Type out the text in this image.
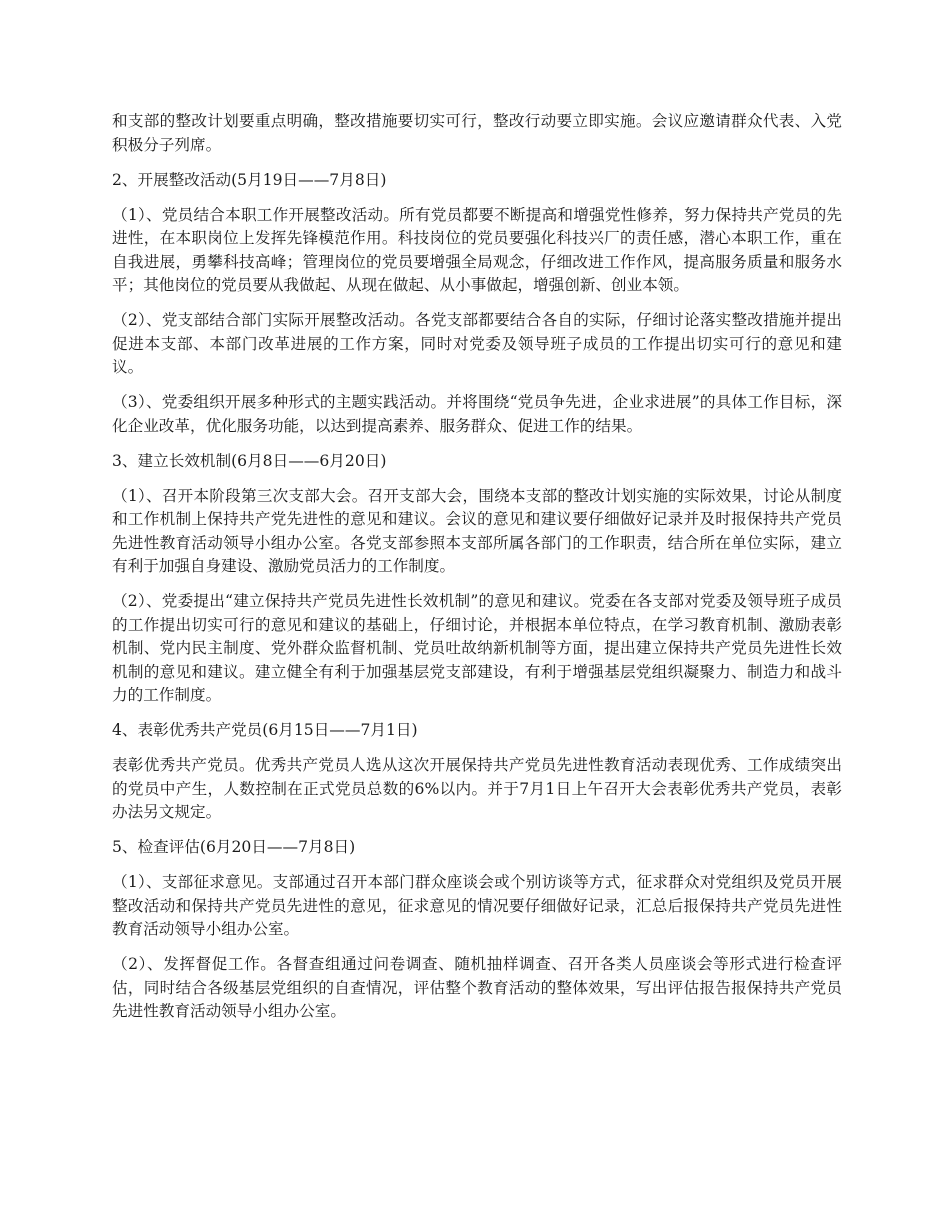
和支部的整改计划要重点明确，整改措施要切实可行，整改行动要立即实施。会议应邀请群众代表、入党积极分子列席。

2、开展整改活动(5月19日——7月8日)

（1）、党员结合本职工作开展整改活动。所有党员都要不断提高和增强党性修养，努力保持共产党员的先进性，在本职岗位上发挥先锋模范作用。科技岗位的党员要强化科技兴厂的责任感，潜心本职工作，重在自我进展，勇攀科技高峰；管理岗位的党员要增强全局观念，仔细改进工作作风，提高服务质量和服务水平；其他岗位的党员要从我做起、从现在做起、从小事做起，增强创新、创业本领。

（2）、党支部结合部门实际开展整改活动。各党支部都要结合各自的实际，仔细讨论落实整改措施并提出促进本支部、本部门改革进展的工作方案，同时对党委及领导班子成员的工作提出切实可行的意见和建议。

（3）、党委组织开展多种形式的主题实践活动。并将围绕“党员争先进，企业求进展”的具体工作目标，深化企业改革，优化服务功能，以达到提高素养、服务群众、促进工作的结果。

3、建立长效机制(6月8日——6月20日)

（1）、召开本阶段第三次支部大会。召开支部大会，围绕本支部的整改计划实施的实际效果，讨论从制度和工作机制上保持共产党先进性的意见和建议。会议的意见和建议要仔细做好记录并及时报保持共产党员先进性教育活动领导小组办公室。各党支部参照本支部所属各部门的工作职责，结合所在单位实际，建立有利于加强自身建设、激励党员活力的工作制度。

（2）、党委提出“建立保持共产党员先进性长效机制”的意见和建议。党委在各支部对党委及领导班子成员的工作提出切实可行的意见和建议的基础上，仔细讨论，并根据本单位特点，在学习教育机制、激励表彰机制、党内民主制度、党外群众监督机制、党员吐故纳新机制等方面，提出建立保持共产党员先进性长效机制的意见和建议。建立健全有利于加强基层党支部建设，有利于增强基层党组织凝聚力、制造力和战斗力的工作制度。

4、表彰优秀共产党员(6月15日——7月1日)

表彰优秀共产党员。优秀共产党员人选从这次开展保持共产党员先进性教育活动表现优秀、工作成绩突出的党员中产生，人数控制在正式党员总数的6%以内。并于7月1日上午召开大会表彰优秀共产党员，表彰办法另文规定。

5、检查评估(6月20日——7月8日)

（1）、支部征求意见。支部通过召开本部门群众座谈会或个别访谈等方式，征求群众对党组织及党员开展整改活动和保持共产党员先进性的意见，征求意见的情况要仔细做好记录，汇总后报保持共产党员先进性教育活动领导小组办公室。

（2）、发挥督促工作。各督查组通过问卷调查、随机抽样调查、召开各类人员座谈会等形式进行检查评估，同时结合各级基层党组织的自查情况，评估整个教育活动的整体效果，写出评估报告报保持共产党员先进性教育活动领导小组办公室。
